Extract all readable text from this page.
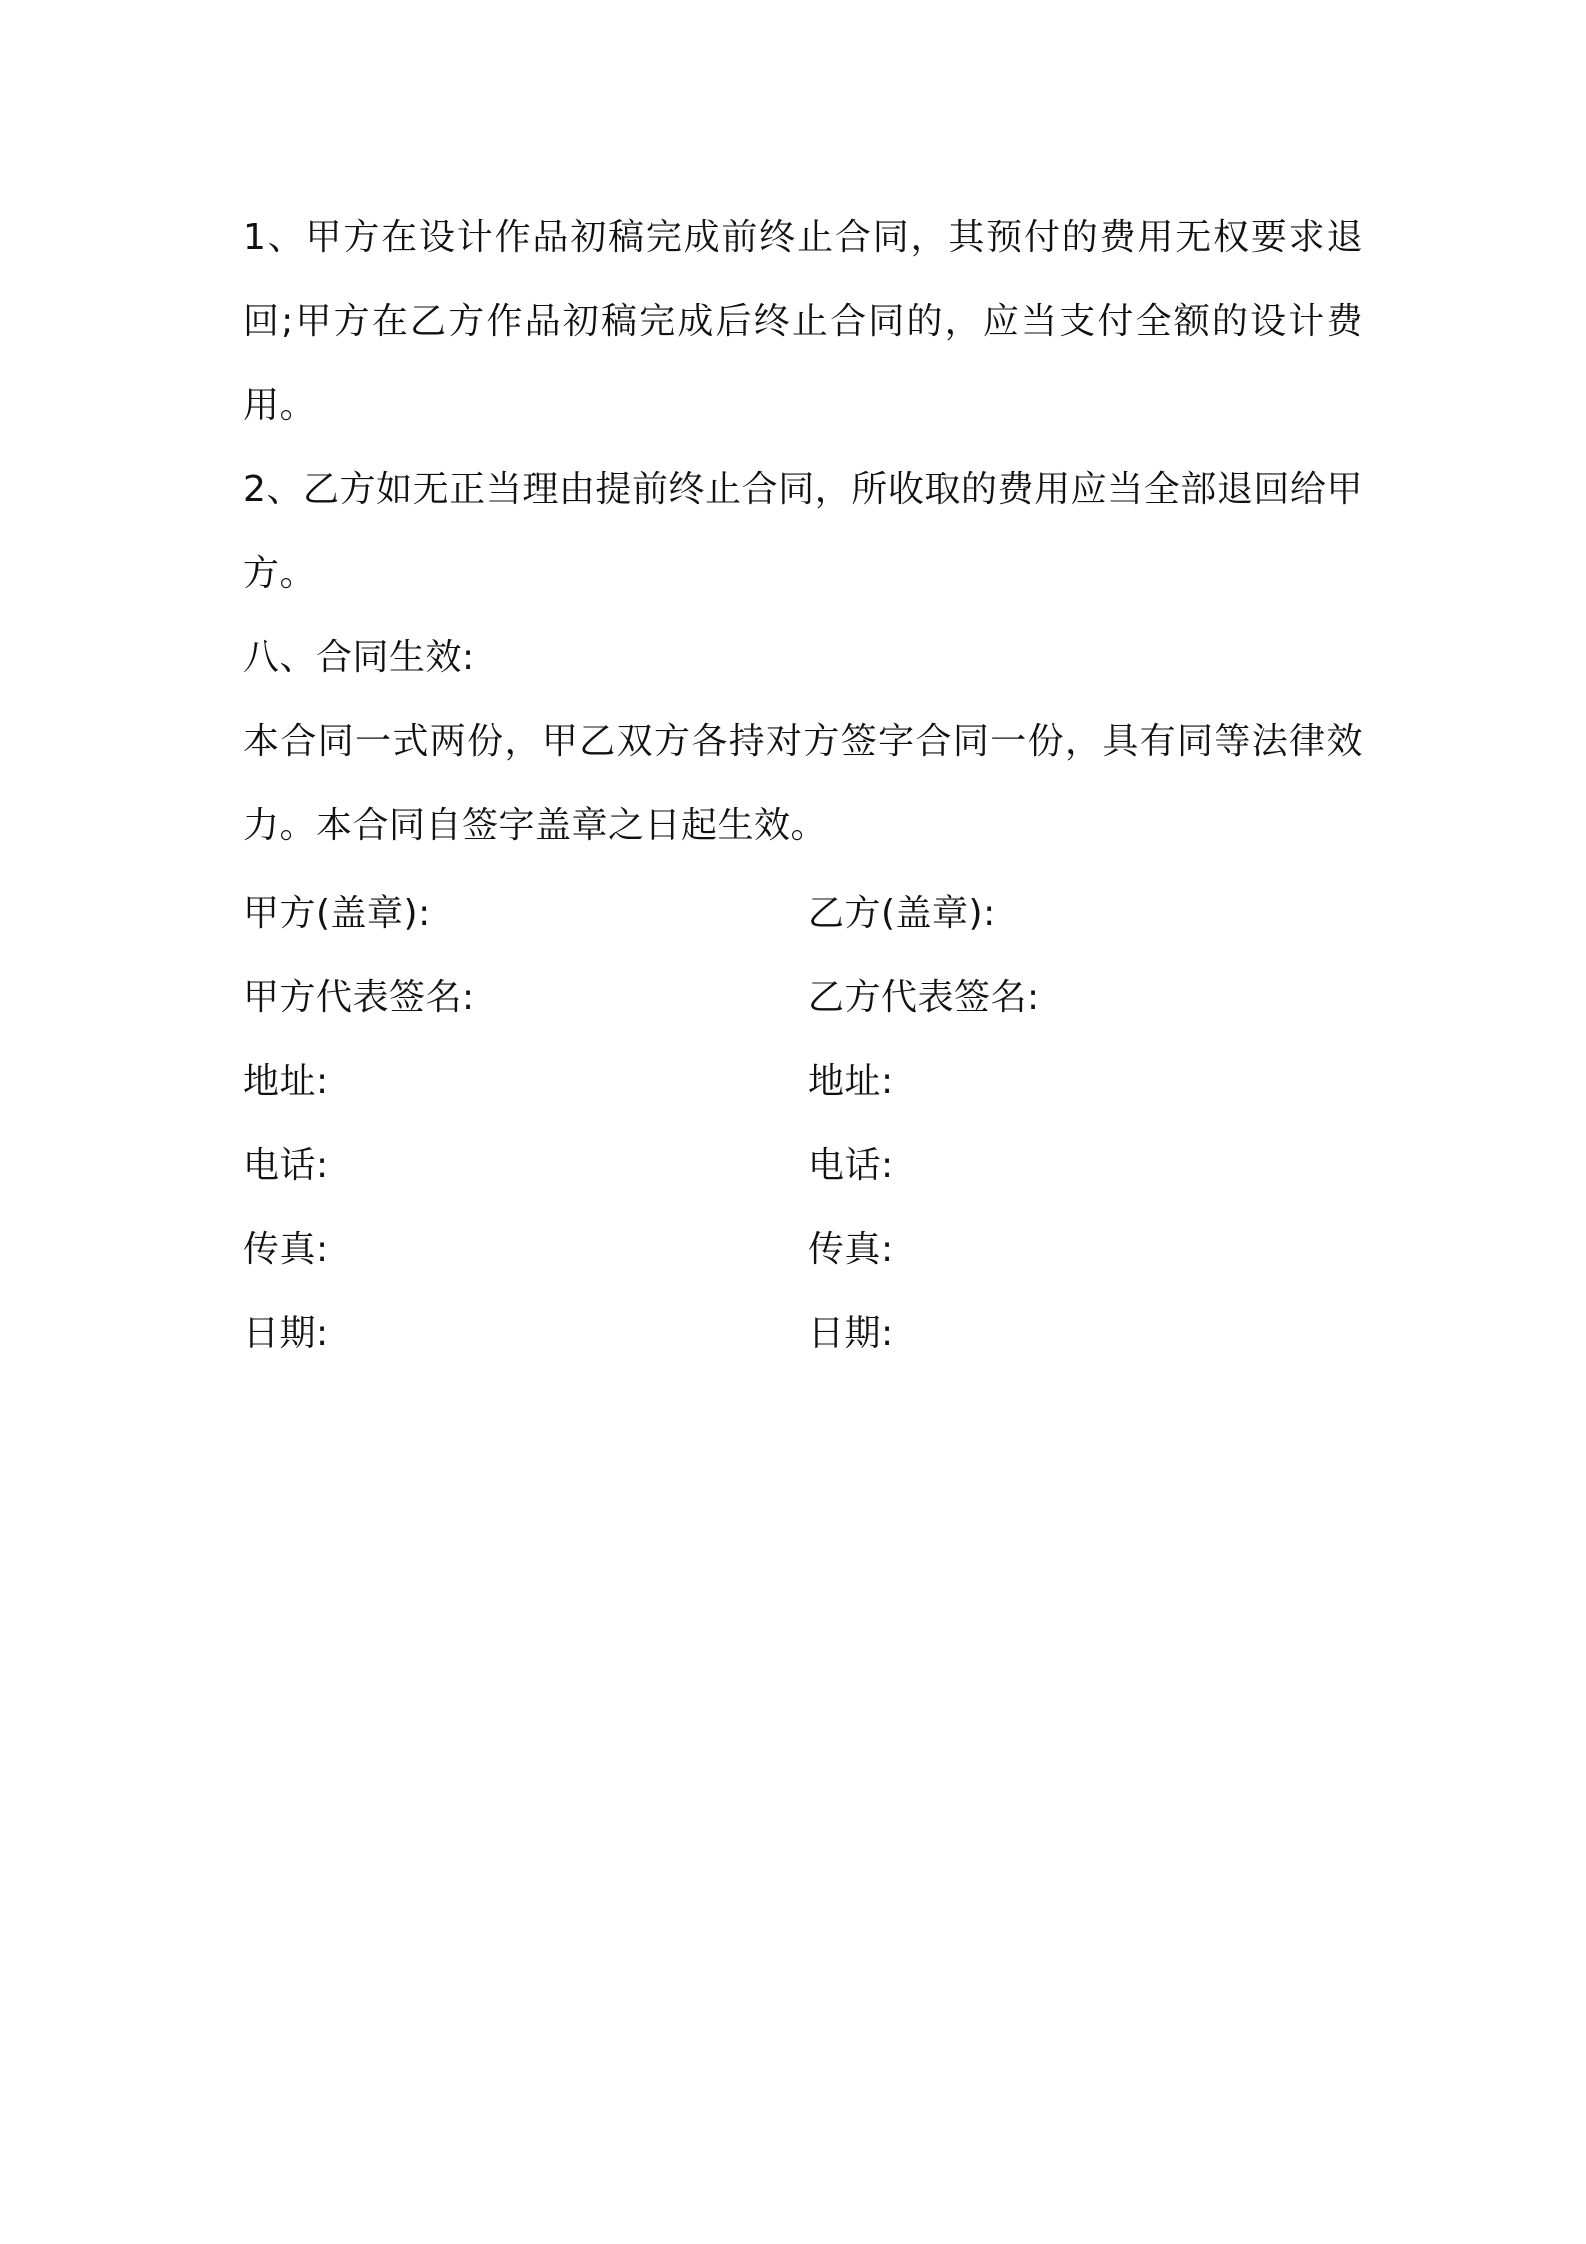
1、甲方在设计作品初稿完成前终止合同，其预付的费用无权要求退回;甲方在乙方作品初稿完成后终止合同的，应当支付全额的设计费用。

2、乙方如无正当理由提前终止合同，所收取的费用应当全部退回给甲方。

八、合同生效:

本合同一式两份，甲乙双方各持对方签字合同一份，具有同等法律效力。本合同自签字盖章之日起生效。

甲方(盖章):	乙方(盖章):
甲方代表签名:	乙方代表签名:
地址:	地址:
电话:	电话:
传真:	传真:
日期:	日期:
